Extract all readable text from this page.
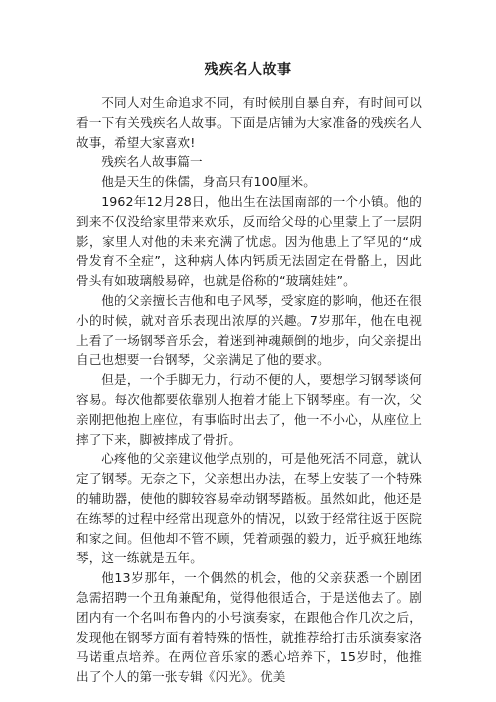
残疾名人故事

不同人对生命追求不同，有时候刖自暴自弃，有时间可以看一下有关残疾名人故事。下面是店铺为大家准备的残疾名人故事，希望大家喜欢!

残疾名人故事篇一

他是天生的侏儒，身高只有100厘米。

1962年12月28日，他出生在法国南部的一个小镇。他的到来不仅没给家里带来欢乐，反而给父母的心里蒙上了一层阴影，家里人对他的未来充满了忧虑。因为他患上了罕见的“成骨发育不全症”，这种病人体内钙质无法固定在骨骼上，因此骨头有如玻璃般易碎，也就是俗称的“玻璃娃娃”。

他的父亲擅长吉他和电子风琴，受家庭的影响，他还在很小的时候，就对音乐表现出浓厚的兴趣。7岁那年，他在电视上看了一场钢琴音乐会，着迷到神魂颠倒的地步，向父亲提出自己也想要一台钢琴，父亲满足了他的要求。

但是，一个手脚无力，行动不便的人，要想学习钢琴谈何容易。每次他都要依靠别人抱着才能上下钢琴座。有一次，父亲刚把他抱上座位，有事临时出去了，他一不小心，从座位上摔了下来，脚被摔成了骨折。

心疼他的父亲建议他学点别的，可是他死活不同意，就认定了钢琴。无奈之下，父亲想出办法，在琴上安装了一个特殊的辅助器，使他的脚较容易牵动钢琴踏板。虽然如此，他还是在练琴的过程中经常出现意外的情况，以致于经常往返于医院和家之间。但他却不管不顾，凭着顽强的毅力，近乎疯狂地练琴，这一练就是五年。

他13岁那年，一个偶然的机会，他的父亲获悉一个剧团急需招聘一个丑角兼配角，觉得他很适合，于是送他去了。剧团内有一个名叫布鲁内的小号演奏家，在跟他合作几次之后，发现他在钢琴方面有着特殊的悟性，就推荐给打击乐演奏家洛马诺重点培养。在两位音乐家的悉心培养下，15岁时，他推出了个人的第一张专辑《闪光》。优美
